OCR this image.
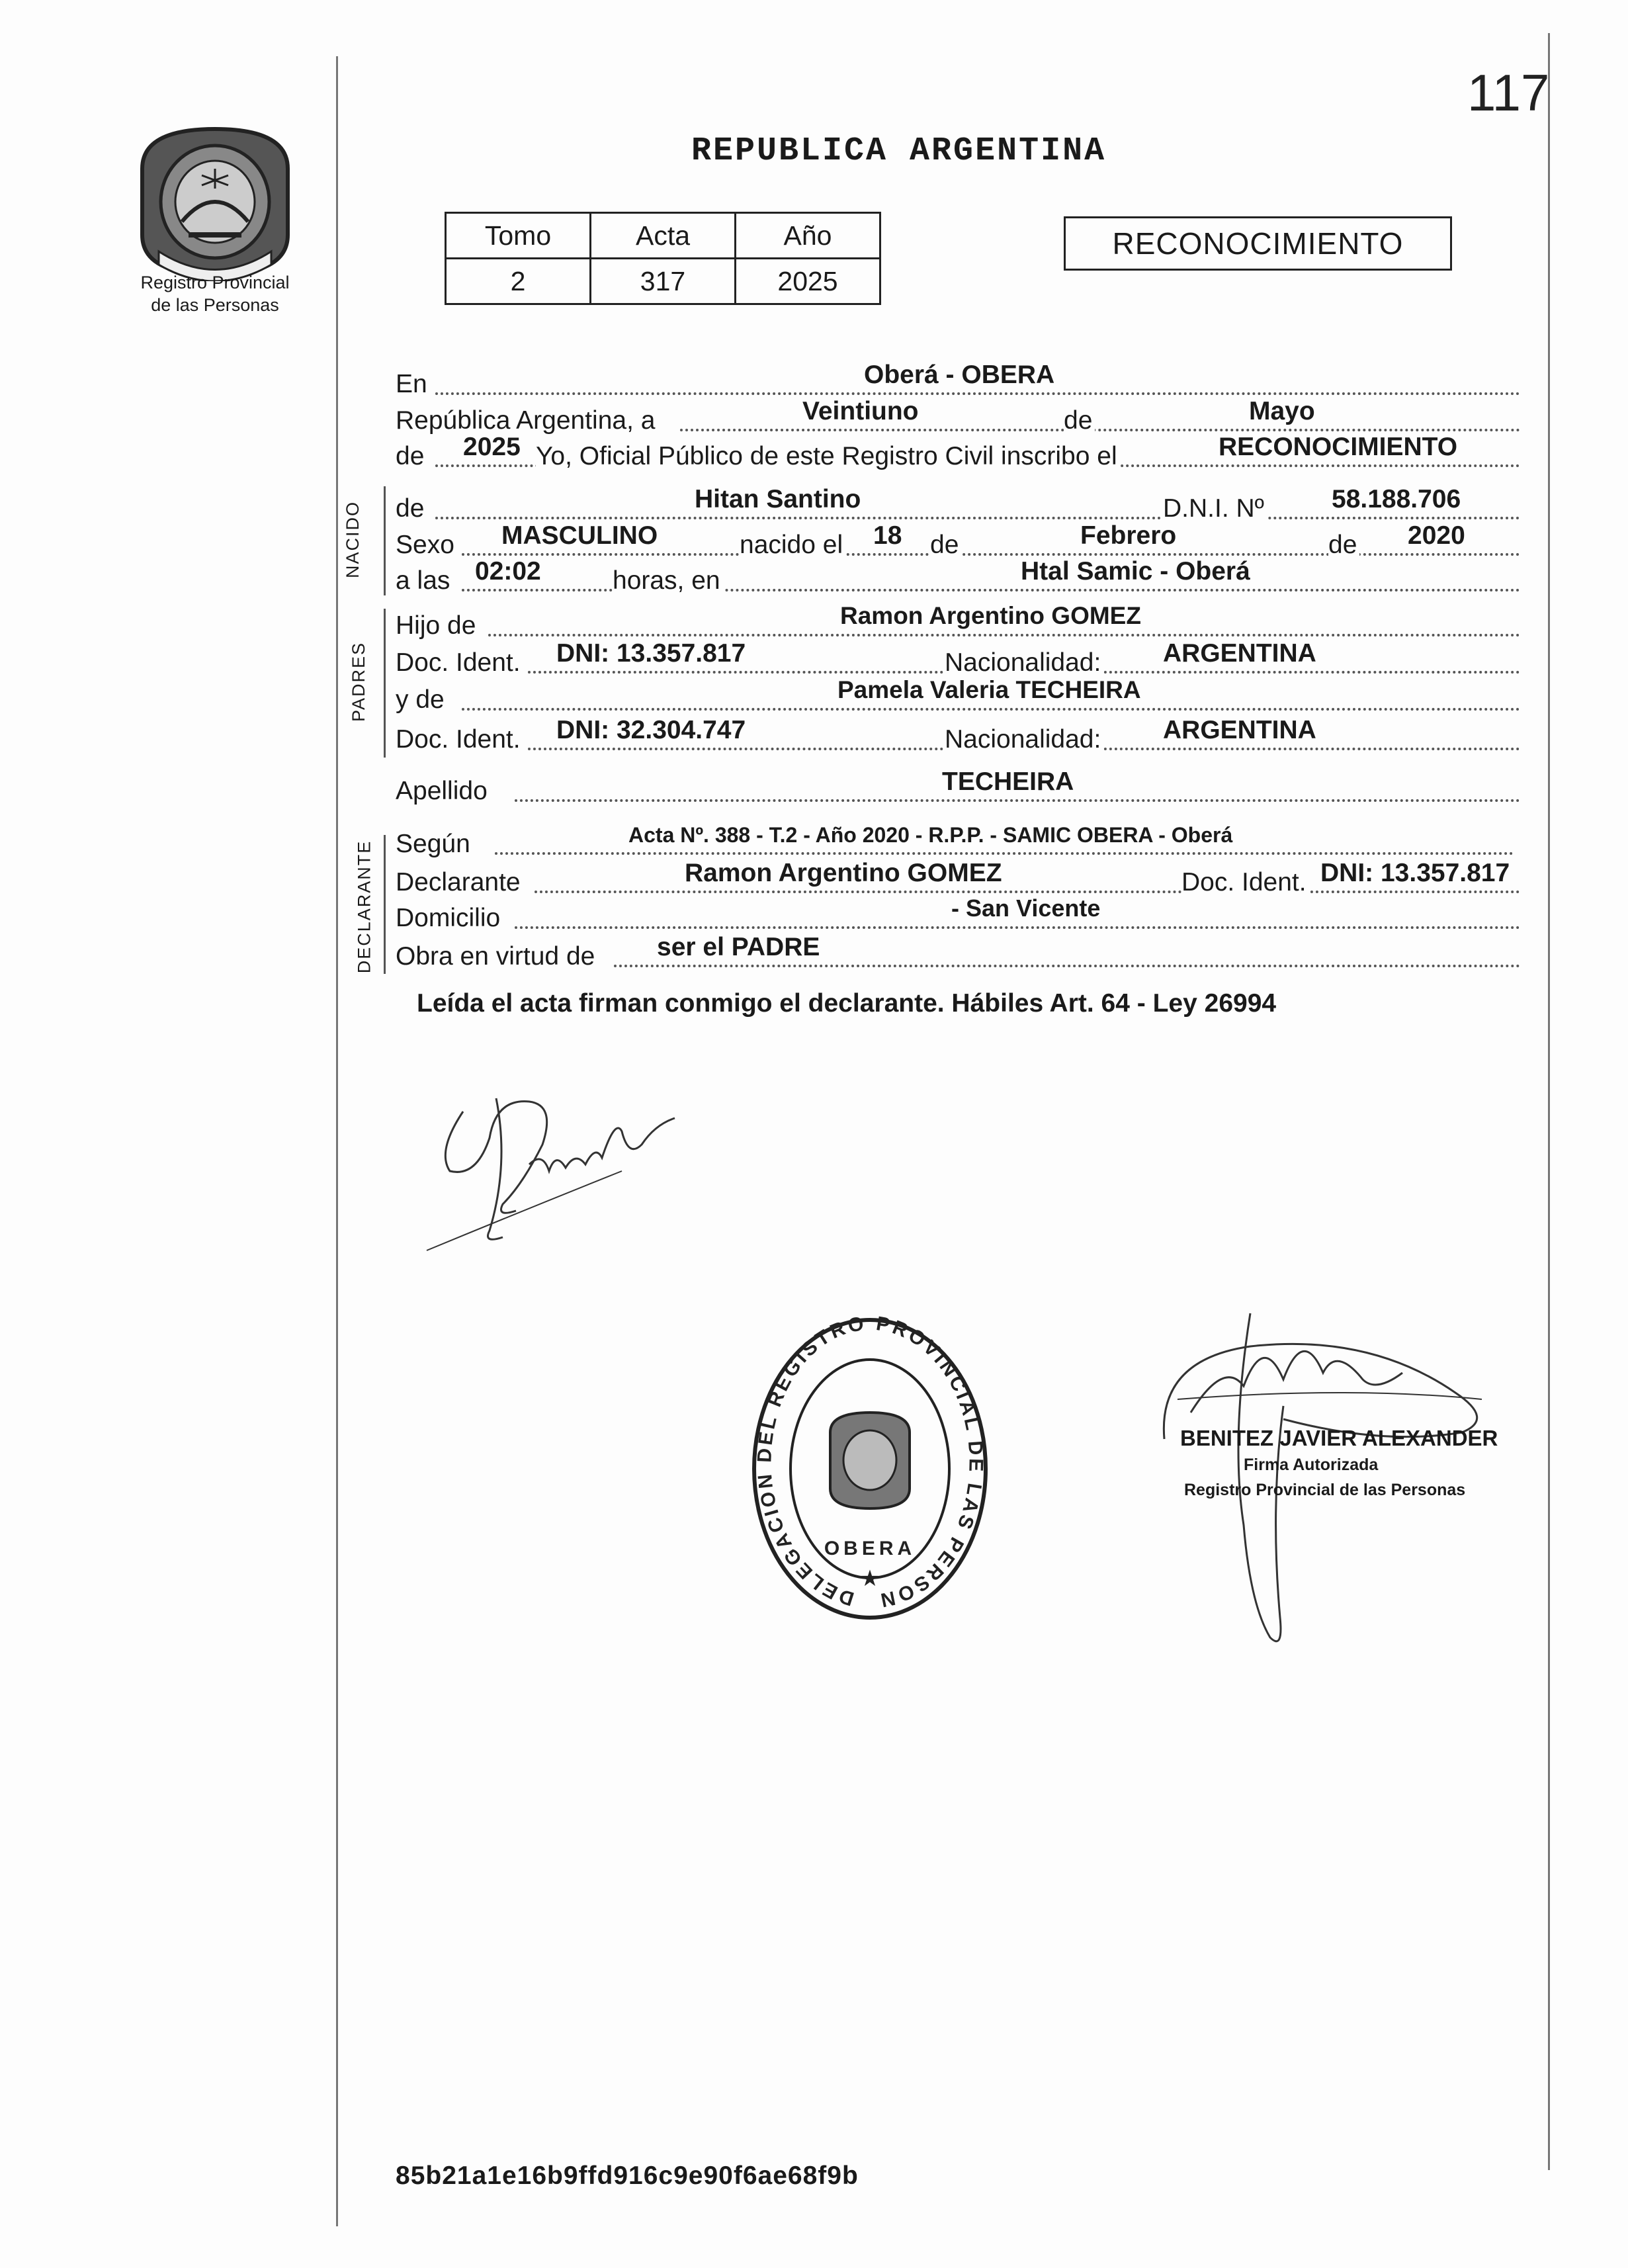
117
Registro Provincial
de las Personas
REPUBLICA ARGENTINA
Tomo	Acta	Año
2	317	2025
RECONOCIMIENTO
En	Oberá - OBERA
República Argentina, a	Veintiuno	de	Mayo
de 2025 Yo, Oficial Público de este Registro Civil inscribo el	RECONOCIMIENTO
NACIDO de	Hitan Santino	D.N.I. Nº	58.188.706
Sexo MASCULINO	nacido el 18 de	Febrero	de 2020
a las 02:02	horas, en	Htal Samic - Oberá
PADRES
Hijo de	Ramon Argentino GOMEZ
Doc. Ident. DNI: 13.357.817	Nacionalidad: ARGENTINA
y de	Pamela Valeria TECHEIRA
Doc. Ident. DNI: 32.304.747	Nacionalidad: ARGENTINA
Apellido	TECHEIRA
DECLARANTE Según	Acta Nº. 388 - T.2 - Año 2020 - R.P.P. - SAMIC OBERA - Oberá
Declarante	Ramon Argentino GOMEZ	Doc. Ident. DNI: 13.357.817
Domicilio	- San Vicente
Obra en virtud de ser el PADRE
Leída el acta firman conmigo el declarante. Hábiles Art. 64 - Ley 26994
DELEGACION DEL REGISTRO PROVINCIAL DE LAS PERSON
OBERA
★
BENITEZ JAVIER ALEXANDER
Firma Autorizada
Registro Provincial de las Personas
85b21a1e16b9ffd916c9e90f6ae68f9b
